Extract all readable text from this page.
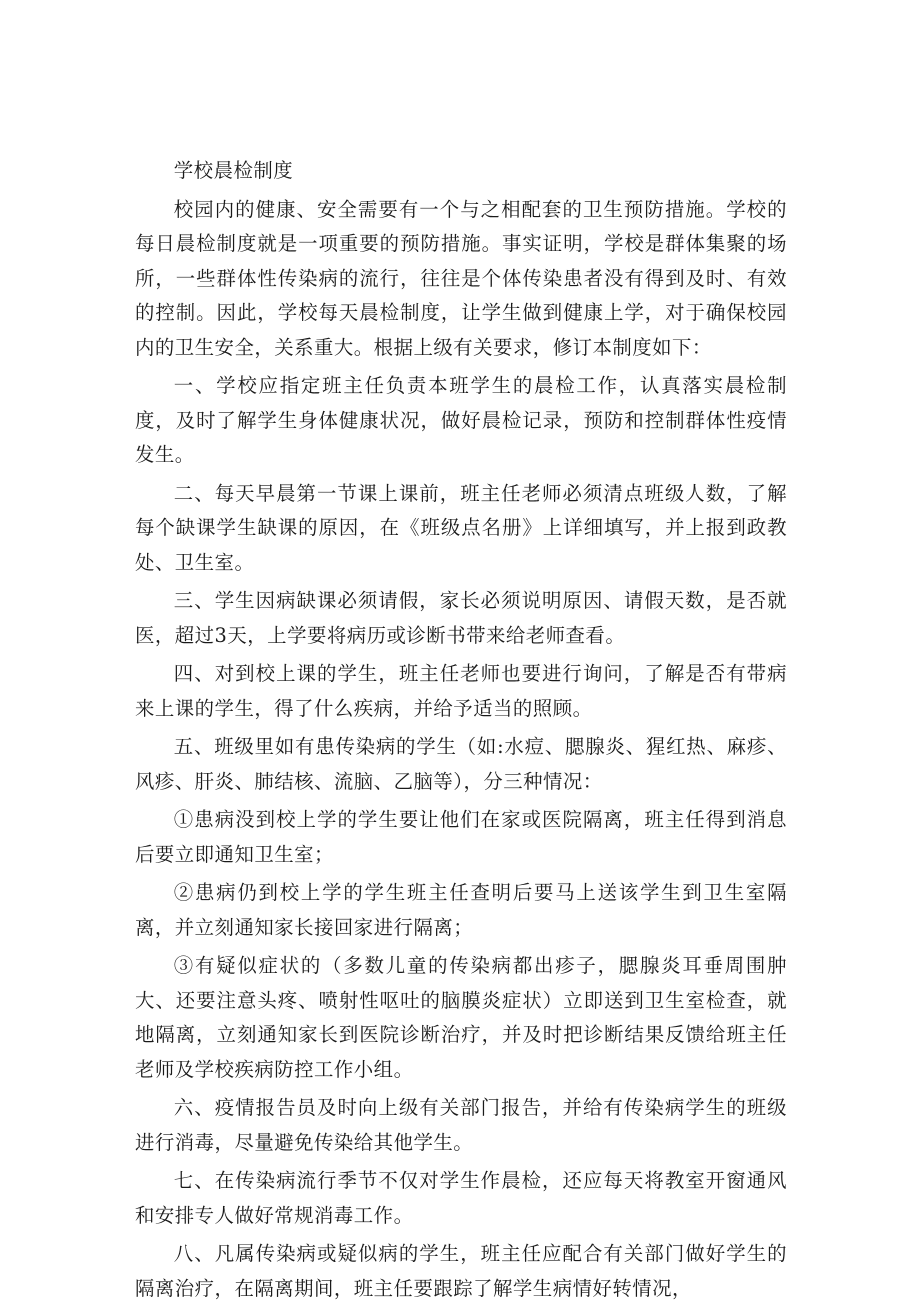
学校晨检制度

校园内的健康、安全需要有一个与之相配套的卫生预防措施。学校的每日晨检制度就是一项重要的预防措施。事实证明，学校是群体集聚的场所，一些群体性传染病的流行，往往是个体传染患者没有得到及时、有效的控制。因此，学校每天晨检制度，让学生做到健康上学，对于确保校园内的卫生安全，关系重大。根据上级有关要求，修订本制度如下：

一、学校应指定班主任负责本班学生的晨检工作，认真落实晨检制度，及时了解学生身体健康状况，做好晨检记录，预防和控制群体性疫情发生。

二、每天早晨第一节课上课前，班主任老师必须清点班级人数，了解每个缺课学生缺课的原因，在《班级点名册》上详细填写，并上报到政教处、卫生室。

三、学生因病缺课必须请假，家长必须说明原因、请假天数，是否就医，超过3天，上学要将病历或诊断书带来给老师查看。

四、对到校上课的学生，班主任老师也要进行询问，了解是否有带病来上课的学生，得了什么疾病，并给予适当的照顾。

五、班级里如有患传染病的学生（如:水痘、腮腺炎、猩红热、麻疹、风疹、肝炎、肺结核、流脑、乙脑等），分三种情况：

①患病没到校上学的学生要让他们在家或医院隔离，班主任得到消息后要立即通知卫生室；

②患病仍到校上学的学生班主任查明后要马上送该学生到卫生室隔离，并立刻通知家长接回家进行隔离；

③有疑似症状的（多数儿童的传染病都出疹子，腮腺炎耳垂周围肿大、还要注意头疼、喷射性呕吐的脑膜炎症状）立即送到卫生室检查，就地隔离，立刻通知家长到医院诊断治疗，并及时把诊断结果反馈给班主任老师及学校疾病防控工作小组。

六、疫情报告员及时向上级有关部门报告，并给有传染病学生的班级进行消毒，尽量避免传染给其他学生。

七、在传染病流行季节不仅对学生作晨检，还应每天将教室开窗通风和安排专人做好常规消毒工作。

八、凡属传染病或疑似病的学生，班主任应配合有关部门做好学生的隔离治疗，在隔离期间，班主任要跟踪了解学生病情好转情况，
